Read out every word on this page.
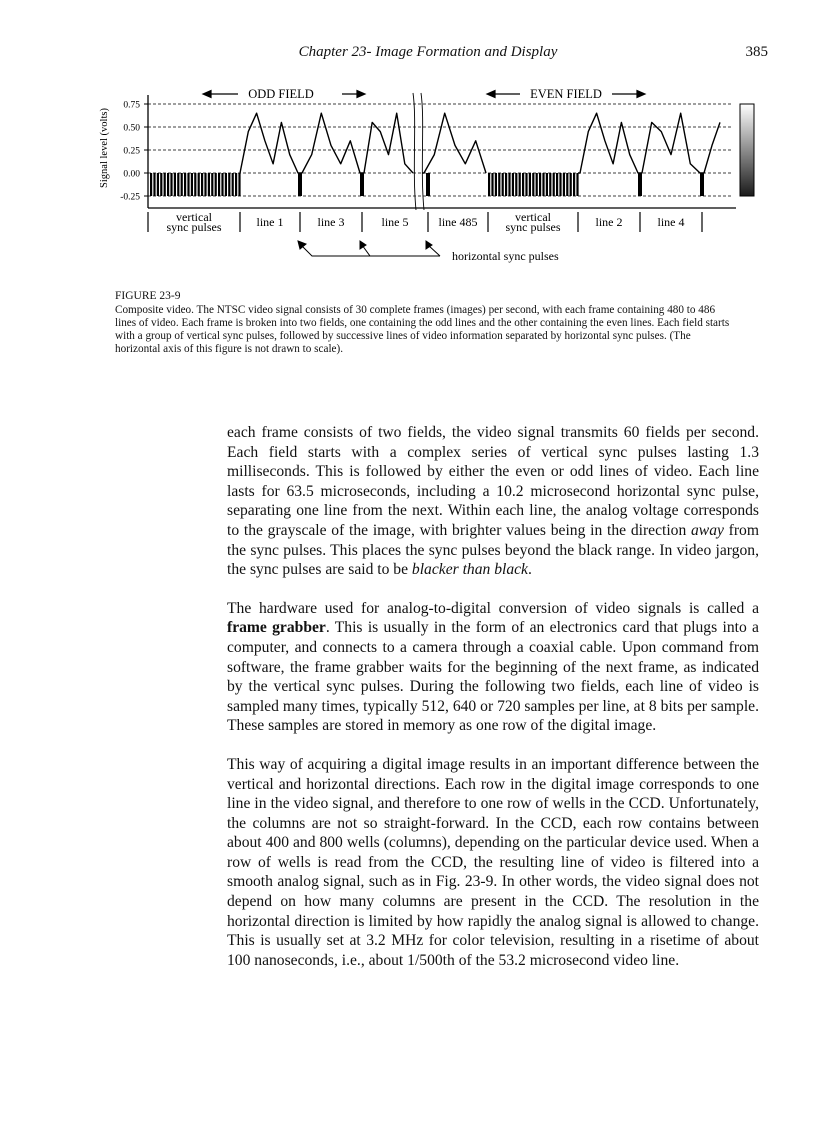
Chapter 23- Image Formation and Display	385
ODD FIELD	EVEN FIELD
Signal level (volts)
0.75
0.50
0.25
0.00
-0.25
vertical
sync pulses	line 1	line 3	line 5	line 485	vertical
sync pulses	line 2	line 4
horizontal sync pulses
FIGURE 23-9
Composite video. The NTSC video signal consists of 30 complete frames (images) per second, with each frame containing 480 to 486 lines of video. Each frame is broken into two fields, one containing the odd lines and the other containing the even lines. Each field starts with a group of vertical sync pulses, followed by successive lines of video information separated by horizontal sync pulses. (The horizontal axis of this figure is not drawn to scale).

each frame consists of two fields, the video signal transmits 60 fields per second. Each field starts with a complex series of vertical sync pulses lasting 1.3 milliseconds. This is followed by either the even or odd lines of video. Each line lasts for 63.5 microseconds, including a 10.2 microsecond horizontal sync pulse, separating one line from the next. Within each line, the analog voltage corresponds to the grayscale of the image, with brighter values being in the direction away from the sync pulses. This places the sync pulses beyond the black range. In video jargon, the sync pulses are said to be blacker than black.

The hardware used for analog-to-digital conversion of video signals is called a frame grabber. This is usually in the form of an electronics card that plugs into a computer, and connects to a camera through a coaxial cable. Upon command from software, the frame grabber waits for the beginning of the next frame, as indicated by the vertical sync pulses. During the following two fields, each line of video is sampled many times, typically 512, 640 or 720 samples per line, at 8 bits per sample. These samples are stored in memory as one row of the digital image.

This way of acquiring a digital image results in an important difference between the vertical and horizontal directions. Each row in the digital image corresponds to one line in the video signal, and therefore to one row of wells in the CCD. Unfortunately, the columns are not so straight-forward. In the CCD, each row contains between about 400 and 800 wells (columns), depending on the particular device used. When a row of wells is read from the CCD, the resulting line of video is filtered into a smooth analog signal, such as in Fig. 23-9. In other words, the video signal does not depend on how many columns are present in the CCD. The resolution in the horizontal direction is limited by how rapidly the analog signal is allowed to change. This is usually set at 3.2 MHz for color television, resulting in a risetime of about 100 nanoseconds, i.e., about 1/500th of the 53.2 microsecond video line.
